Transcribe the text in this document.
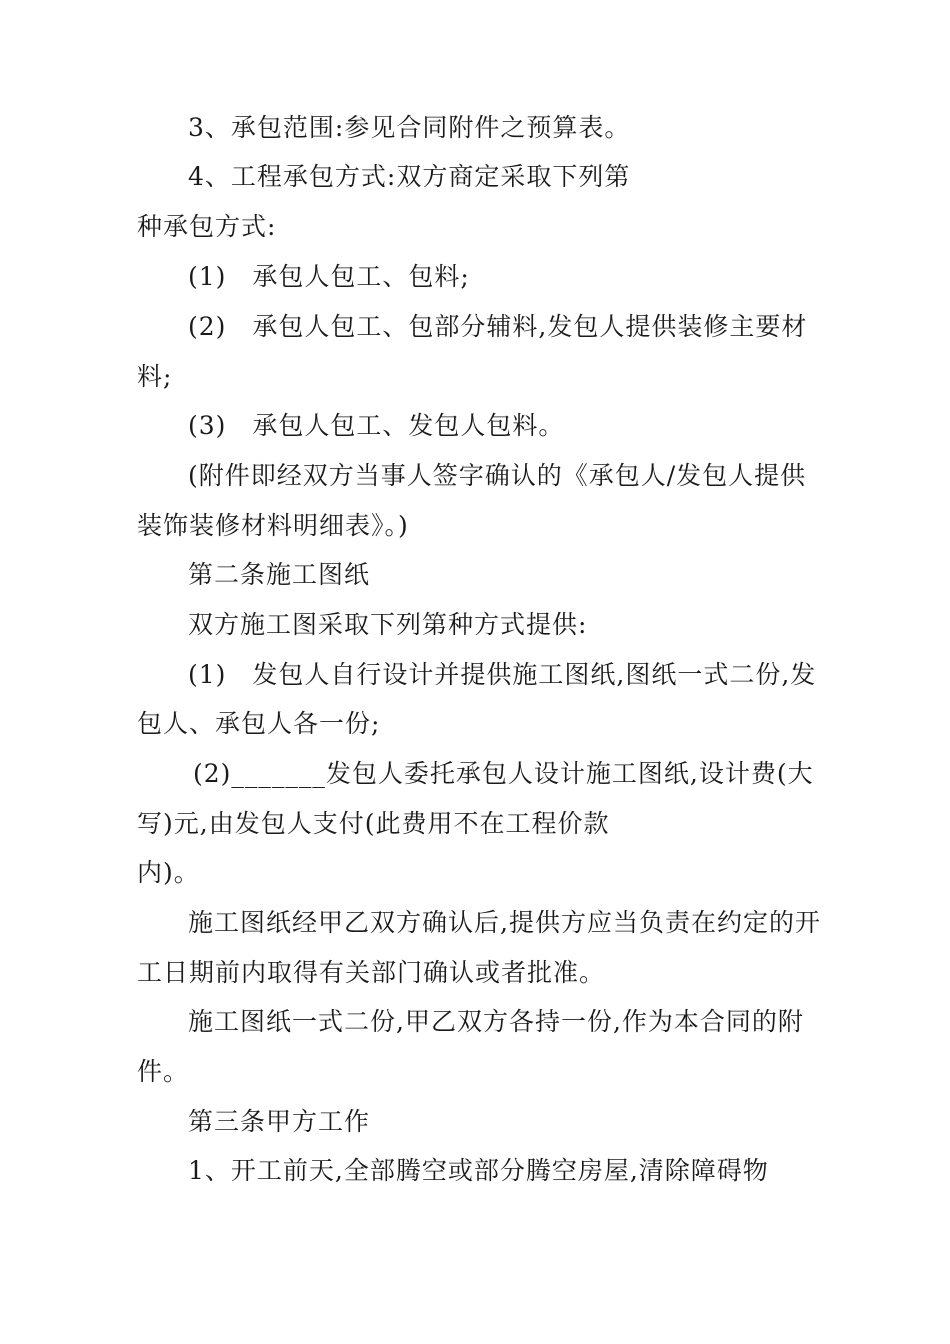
3、承包范围:参见合同附件之预算表。
4、工程承包方式:双方商定采取下列第
种承包方式:
(1)　承包人包工、包料;
(2)　承包人包工、包部分辅料,发包人提供装修主要材
料;
(3)　承包人包工、发包人包料。
(附件即经双方当事人签字确认的《承包人/发包人提供
装饰装修材料明细表》。)
第二条施工图纸
双方施工图采取下列第种方式提供:
(1)　发包人自行设计并提供施工图纸,图纸一式二份,发
包人、承包人各一份;
(2)_______发包人委托承包人设计施工图纸,设计费(大
写)元,由发包人支付(此费用不在工程价款
内)。
施工图纸经甲乙双方确认后,提供方应当负责在约定的开
工日期前内取得有关部门确认或者批准。
施工图纸一式二份,甲乙双方各持一份,作为本合同的附
件。
第三条甲方工作
1、开工前天,全部腾空或部分腾空房屋,清除障碍物
